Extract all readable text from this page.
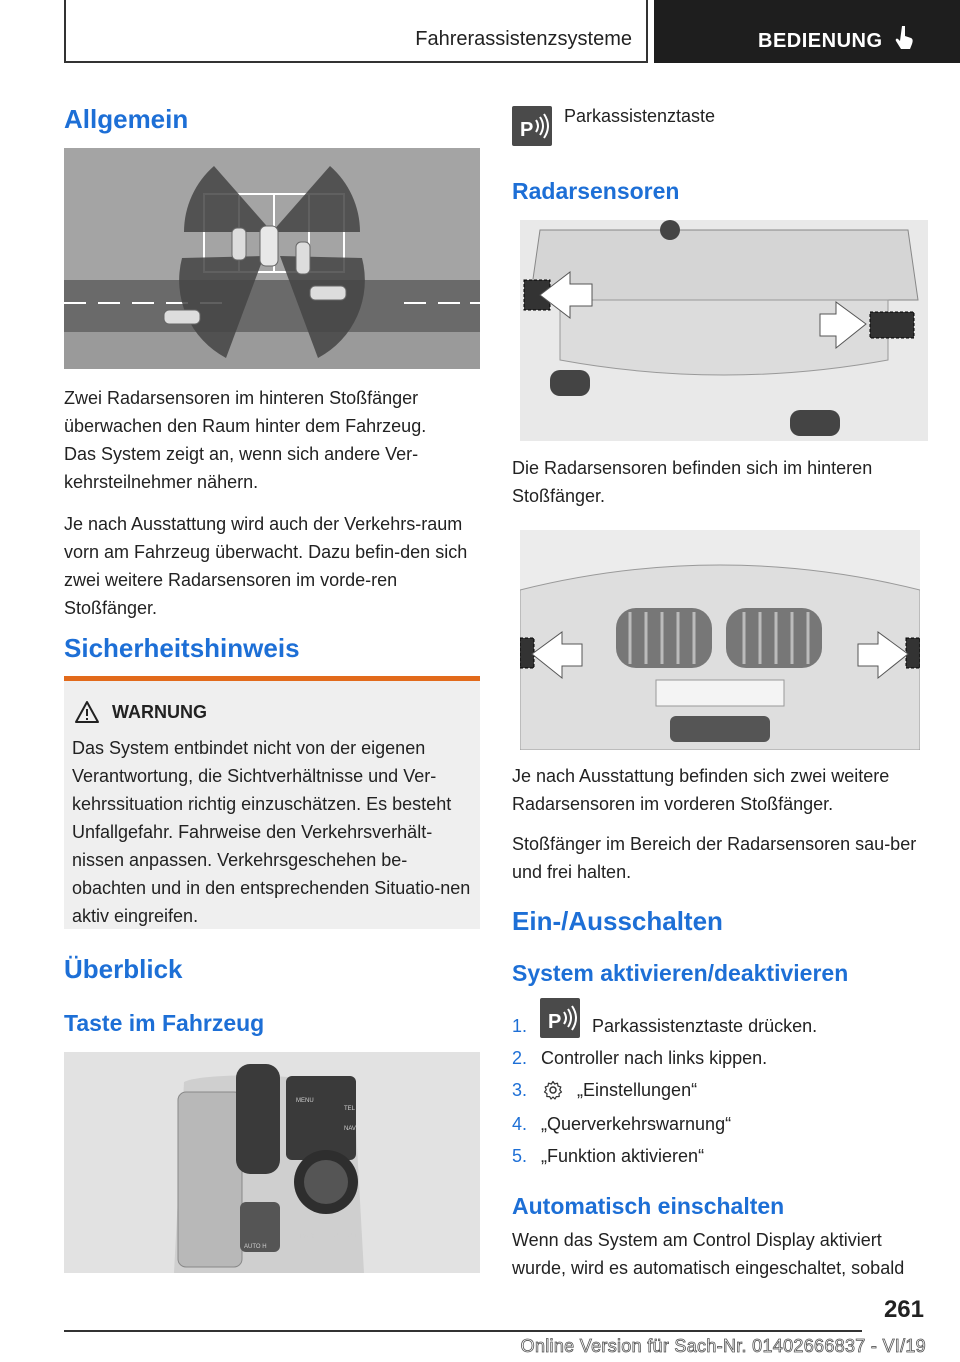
Fahrerassistenzsysteme	BEDIENUNG
Allgemein

Zwei Radarsensoren im hinteren Stoßfänger überwachen den Raum hinter dem Fahrzeug.

Das System zeigt an, wenn sich andere Ver-kehrsteilnehmer nähern.

Je nach Ausstattung wird auch der Verkehrs-raum vorn am Fahrzeug überwacht. Dazu befin-den sich zwei weitere Radarsensoren im vorde-ren Stoßfänger.

Sicherheitshinweis
WARNUNG

Das System entbindet nicht von der eigenen Verantwortung, die Sichtverhältnisse und Ver-kehrssituation richtig einzuschätzen. Es besteht Unfallgefahr. Fahrweise den Verkehrsverhält-nissen anpassen. Verkehrsgeschehen be-obachten und in den entsprechenden Situatio-nen aktiv eingreifen.

Überblick
Taste im Fahrzeug
MENU
TEL
NAV
BACK	OPTION
AUTO H
P
Parkassistenztaste
Radarsensoren

Die Radarsensoren befinden sich im hinteren Stoßfänger.

Je nach Ausstattung befinden sich zwei weitere Radarsensoren im vorderen Stoßfänger.

Stoßfänger im Bereich der Radarsensoren sau-ber und frei halten.

Ein-/Ausschalten
System aktivieren/deaktivieren
1. P Parkassistenztaste drücken.
2. Controller nach links kippen.
3.	„Einstellungen“
4. „Querverkehrswarnung“
5. „Funktion aktivieren“
Automatisch einschalten

Wenn das System am Control Display aktiviert wurde, wird es automatisch eingeschaltet, sobald

261
Online Version für Sach-Nr. 01402666837 - VI/19
